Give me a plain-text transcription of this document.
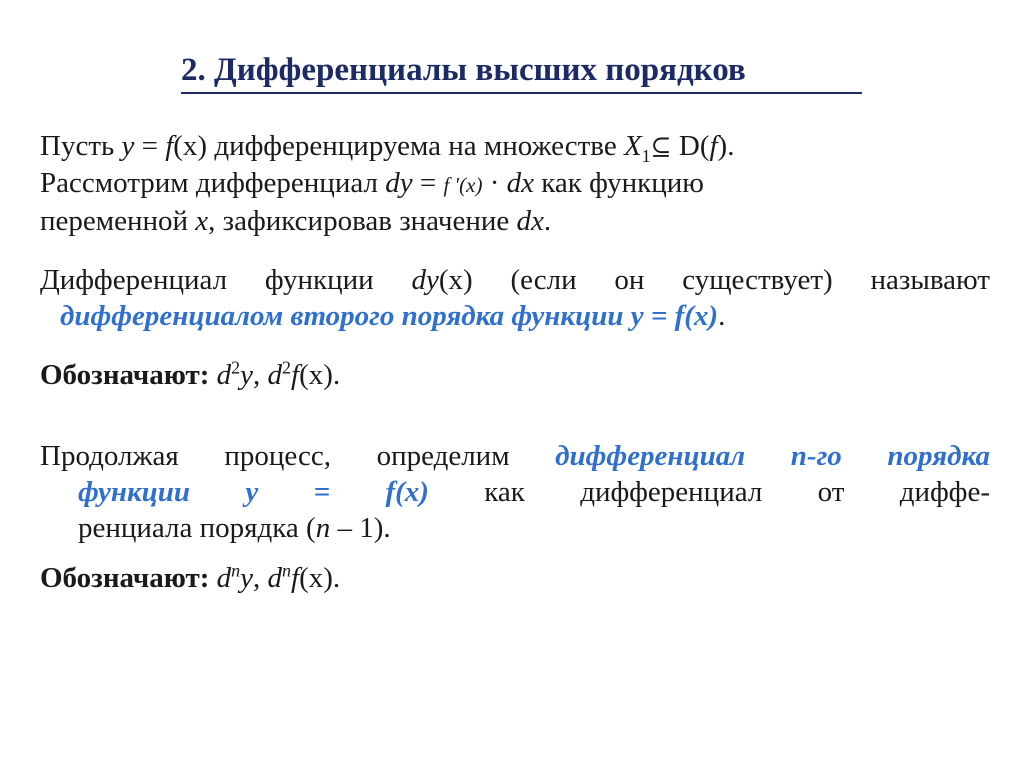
2. Дифференциалы высших порядков
Пусть y = f(x) дифференцируема на множестве $X_1⊆$ D(f).
Рассмотрим дифференциал dy = f ′(x) · dx как функцию
переменной x, зафиксировав значение dx.
Дифференциал функции dy(x) (если он существует) называют
дифференциалом второго порядка функции y = f(x).
Обозначают: $d^2y$, $d^2f(x)$.
Продолжая процесс, определим дифференциал n-го порядка
функции y = f(x) как дифференциал от диффе-
ренциала порядка (n – 1).
Обозначают: $d^ny$, $d^nf(x)$.
